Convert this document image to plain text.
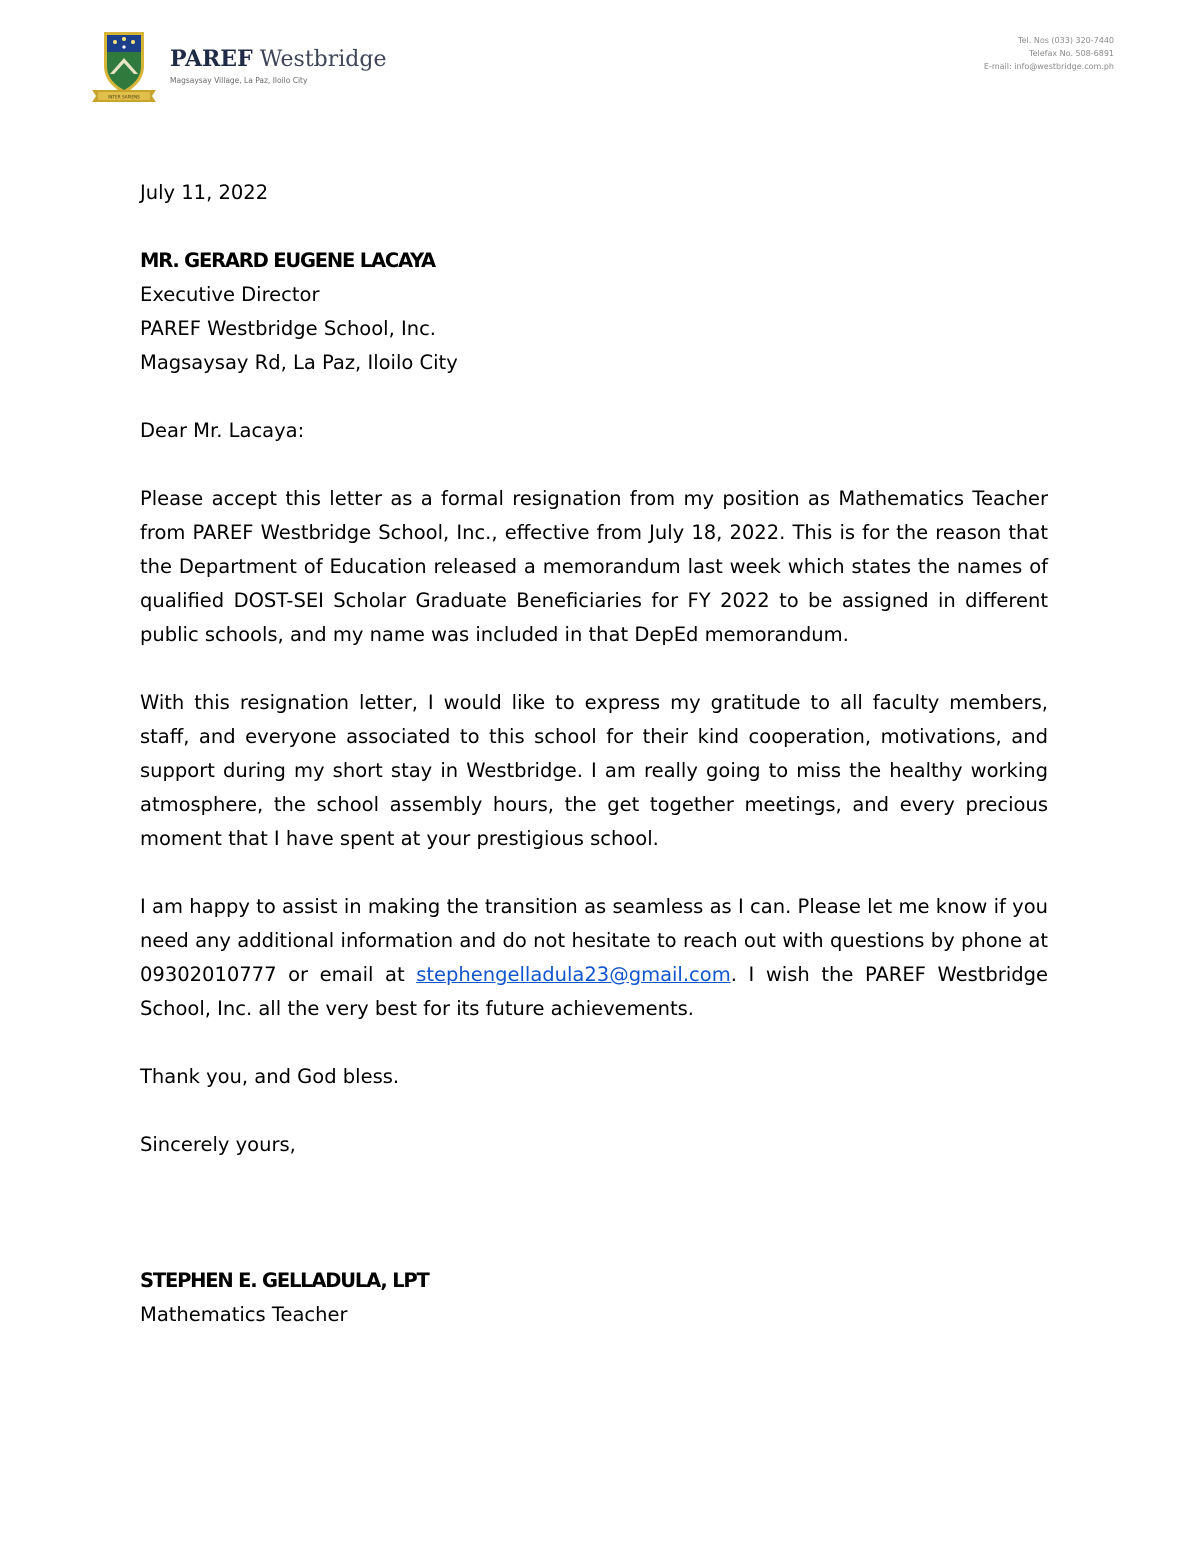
INTER SAPIENS
PAREF Westbridge
Magsaysay Village, La Paz, Iloilo City
Tel. Nos (033) 320-7440
Telefax No. 508-6891
E-mail: info@westbridge.com.ph

July 11, 2022

MR. GERARD EUGENE LACAYA

Executive Director

PAREF Westbridge School, Inc.

Magsaysay Rd, La Paz, Iloilo City

Dear Mr. Lacaya:

Please accept this letter as a formal resignation from my position as Mathematics Teacher from PAREF Westbridge School, Inc., effective from July 18, 2022. This is for the reason that the Department of Education released a memorandum last week which states the names of qualified DOST-SEI Scholar Graduate Beneficiaries for FY 2022 to be assigned in different public schools, and my name was included in that DepEd memorandum.

With this resignation letter, I would like to express my gratitude to all faculty members, staff, and everyone associated to this school for their kind cooperation, motivations, and support during my short stay in Westbridge. I am really going to miss the healthy working atmosphere, the school assembly hours, the get together meetings, and every precious moment that I have spent at your prestigious school.

I am happy to assist in making the transition as seamless as I can. Please let me know if you need any additional information and do not hesitate to reach out with questions by phone at 09302010777 or email at stephengelladula23@gmail.com. I wish the PAREF Westbridge School, Inc. all the very best for its future achievements.

Thank you, and God bless.

Sincerely yours,

STEPHEN E. GELLADULA, LPT

Mathematics Teacher
